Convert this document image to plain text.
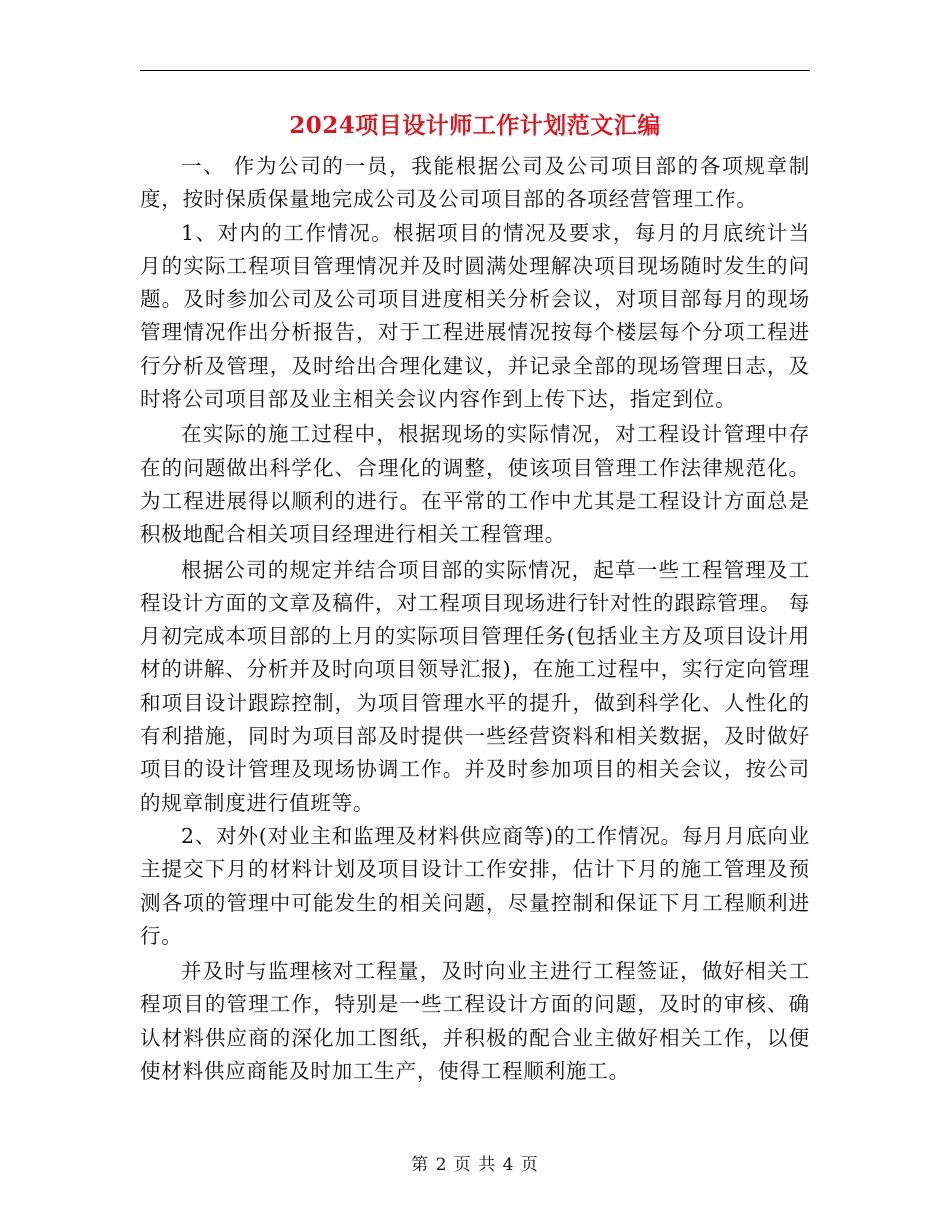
2024项目设计师工作计划范文汇编

一、 作为公司的一员，我能根据公司及公司项目部的各项规章制度，按时保质保量地完成公司及公司项目部的各项经营管理工作。

1、对内的工作情况。根据项目的情况及要求，每月的月底统计当月的实际工程项目管理情况并及时圆满处理解决项目现场随时发生的问题。及时参加公司及公司项目进度相关分析会议，对项目部每月的现场管理情况作出分析报告，对于工程进展情况按每个楼层每个分项工程进行分析及管理，及时给出合理化建议，并记录全部的现场管理日志，及时将公司项目部及业主相关会议内容作到上传下达，指定到位。

在实际的施工过程中，根据现场的实际情况，对工程设计管理中存在的问题做出科学化、合理化的调整，使该项目管理工作法律规范化。为工程进展得以顺利的进行。在平常的工作中尤其是工程设计方面总是积极地配合相关项目经理进行相关工程管理。

根据公司的规定并结合项目部的实际情况，起草一些工程管理及工程设计方面的文章及稿件，对工程项目现场进行针对性的跟踪管理。 每月初完成本项目部的上月的实际项目管理任务(包括业主方及项目设计用材的讲解、分析并及时向项目领导汇报)，在施工过程中，实行定向管理和项目设计跟踪控制，为项目管理水平的提升，做到科学化、人性化的有利措施，同时为项目部及时提供一些经营资料和相关数据，及时做好项目的设计管理及现场协调工作。并及时参加项目的相关会议，按公司的规章制度进行值班等。

2、对外(对业主和监理及材料供应商等)的工作情况。每月月底向业主提交下月的材料计划及项目设计工作安排，估计下月的施工管理及预测各项的管理中可能发生的相关问题，尽量控制和保证下月工程顺利进行。

并及时与监理核对工程量，及时向业主进行工程签证，做好相关工程项目的管理工作，特别是一些工程设计方面的问题，及时的审核、确认材料供应商的深化加工图纸，并积极的配合业主做好相关工作，以便使材料供应商能及时加工生产，使得工程顺利施工。

第 2 页 共 4 页
